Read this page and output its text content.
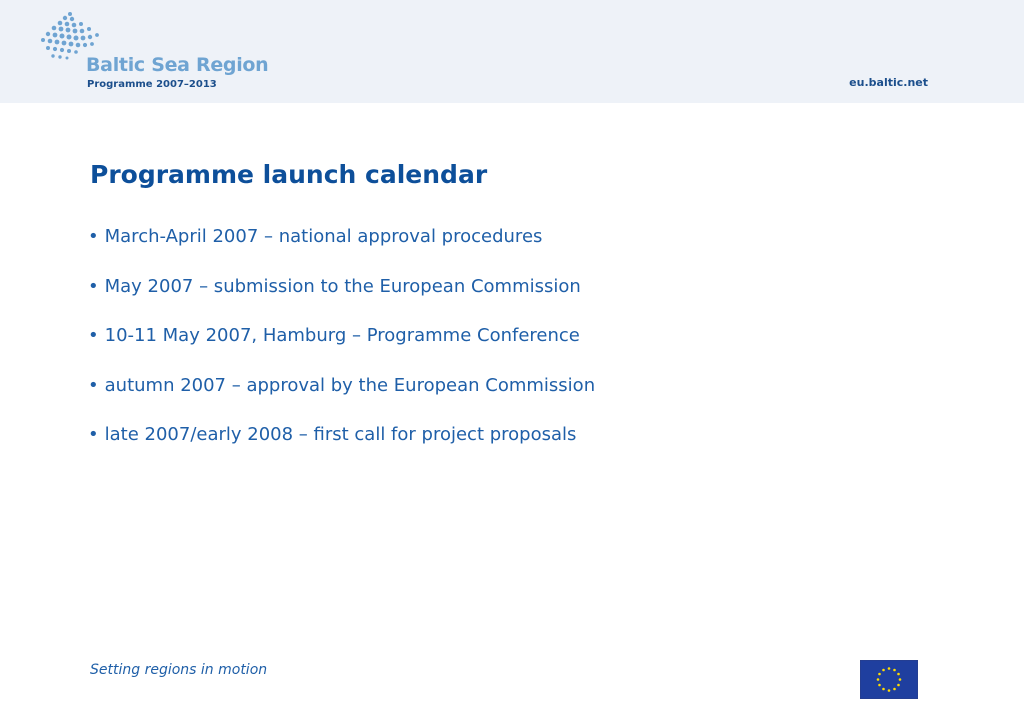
Baltic Sea Region
Programme 2007–2013	eu.baltic.net
Programme launch calendar
• March-April 2007 – national approval procedures
• May 2007 – submission to the European Commission
• 10-11 May 2007, Hamburg – Programme Conference
• autumn 2007 – approval by the European Commission
• late 2007/early 2008 – first call for project proposals
Setting regions in motion
